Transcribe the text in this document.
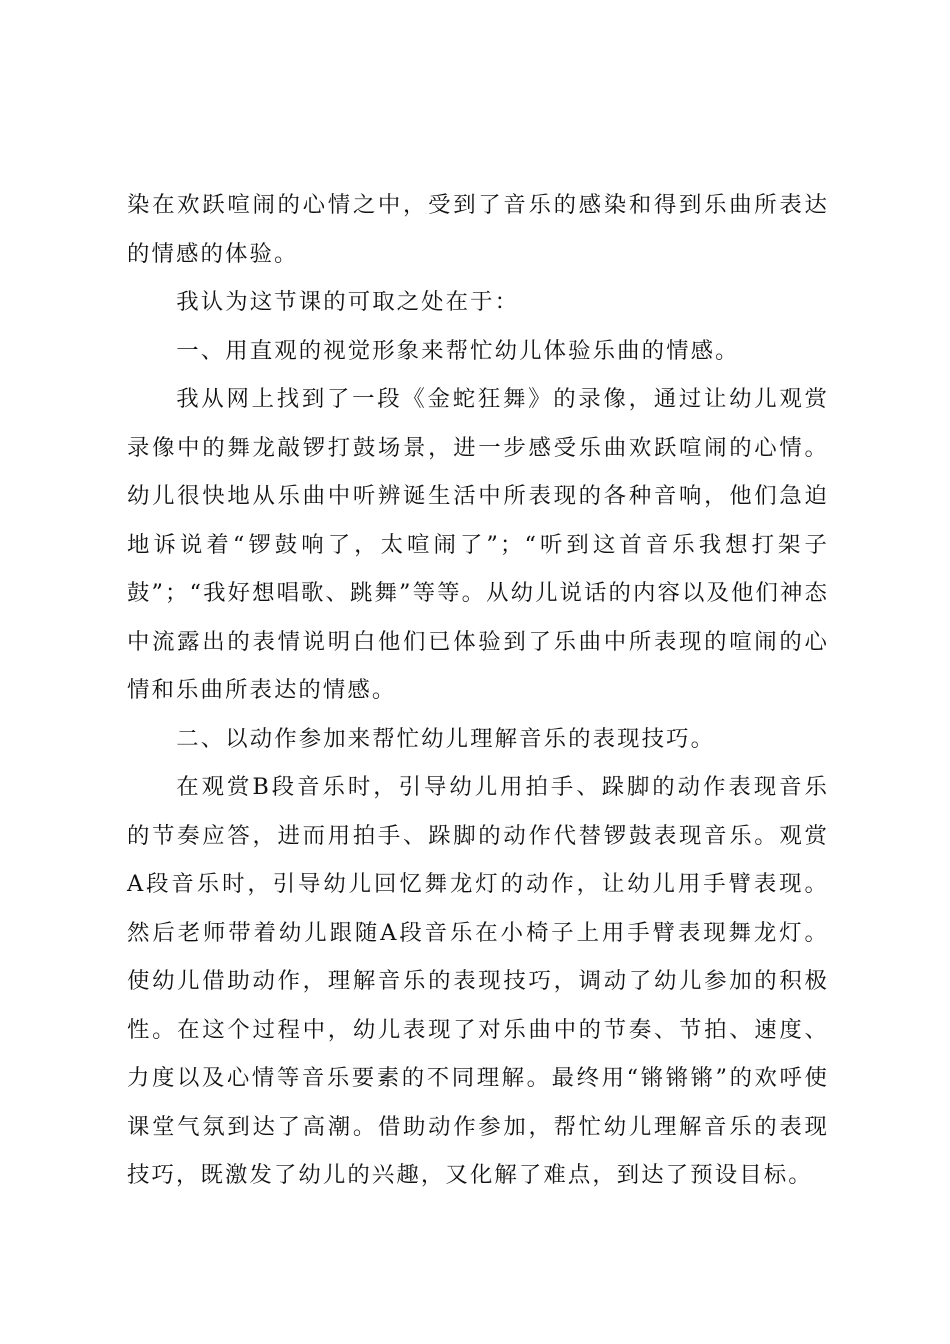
染在欢跃喧闹的心情之中，受到了音乐的感染和得到乐曲所表达的情感的体验。

我认为这节课的可取之处在于：

一、用直观的视觉形象来帮忙幼儿体验乐曲的情感。

我从网上找到了一段《金蛇狂舞》的录像，通过让幼儿观赏录像中的舞龙敲锣打鼓场景，进一步感受乐曲欢跃喧闹的心情。幼儿很快地从乐曲中听辨诞生活中所表现的各种音响，他们急迫地诉说着“锣鼓响了，太喧闹了”；“听到这首音乐我想打架子鼓”；“我好想唱歌、跳舞”等等。从幼儿说话的内容以及他们神态中流露出的表情说明白他们已体验到了乐曲中所表现的喧闹的心情和乐曲所表达的情感。

二、以动作参加来帮忙幼儿理解音乐的表现技巧。

在观赏B段音乐时，引导幼儿用拍手、跺脚的动作表现音乐的节奏应答，进而用拍手、跺脚的动作代替锣鼓表现音乐。观赏A段音乐时，引导幼儿回忆舞龙灯的动作，让幼儿用手臂表现。然后老师带着幼儿跟随A段音乐在小椅子上用手臂表现舞龙灯。使幼儿借助动作，理解音乐的表现技巧，调动了幼儿参加的积极性。在这个过程中，幼儿表现了对乐曲中的节奏、节拍、速度、力度以及心情等音乐要素的不同理解。最终用“锵锵锵”的欢呼使课堂气氛到达了高潮。借助动作参加，帮忙幼儿理解音乐的表现技巧，既激发了幼儿的兴趣，又化解了难点，到达了预设目标。
